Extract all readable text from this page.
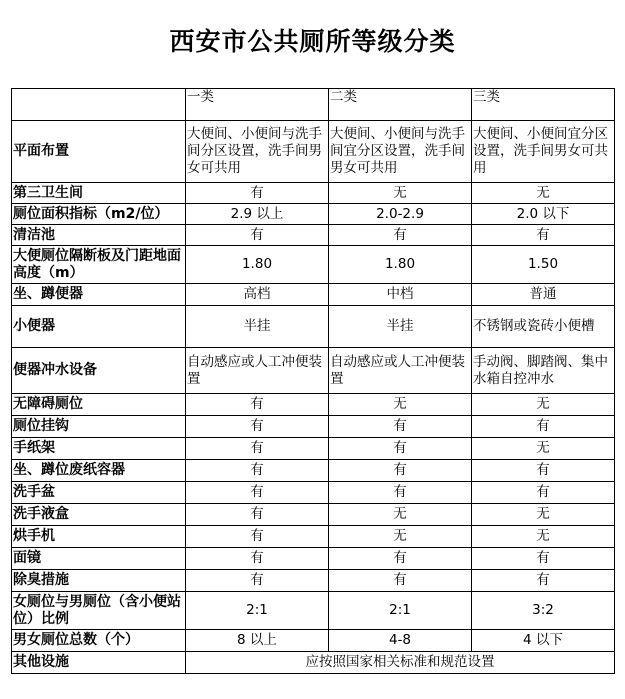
西安市公共厕所等级分类
	一类	二类	三类
平面布置	大便间、小便间与洗手间分区设置，洗手间男女可共用	大便间、小便间与洗手间宜分区设置，洗手间男女可共用	大便间、小便间宜分区设置，洗手间男女可共用
第三卫生间	有	无	无
厕位面积指标（m2/位）	2.9 以上	2.0-2.9	2.0 以下
清洁池	有	有	有
大便厕位隔断板及门距地面高度（m）	1.80	1.80	1.50
坐、蹲便器	高档	中档	普通
小便器	半挂	半挂	不锈钢或瓷砖小便槽
便器冲水设备	自动感应或人工冲便装置	自动感应或人工冲便装置	手动阀、脚踏阀、集中水箱自控冲水
无障碍厕位	有	无	无
厕位挂钩	有	有	有
手纸架	有	有	无
坐、蹲位废纸容器	有	有	有
洗手盆	有	有	有
洗手液盒	有	无	无
烘手机	有	无	无
面镜	有	有	有
除臭措施	有	有	有
女厕位与男厕位（含小便站位）比例	2:1	2:1	3:2
男女厕位总数（个）	8 以上	4-8	4 以下
其他设施	应按照国家相关标准和规范设置		
